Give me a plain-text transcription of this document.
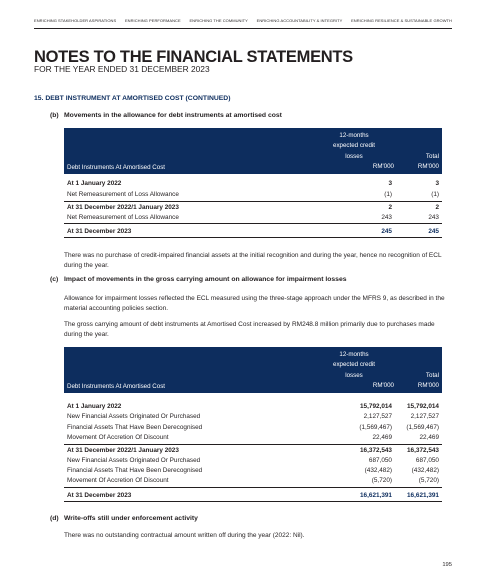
ENRICHING STAKEHOLDER ASPIRATIONS ENRICHING PERFORMANCE ENRICHING THE COMMUNITY ENRICHING ACCOUNTABILITY & INTEGRITY ENRICHING RESILIENCE & SUSTAINABLE GROWTH
NOTES TO THE FINANCIAL STATEMENTS
FOR THE YEAR ENDED 31 DECEMBER 2023
15. DEBT INSTRUMENT AT AMORTISED COST (CONTINUED)
(b) Movements in the allowance for debt instruments at amortised cost
12-months
expected credit
losses
RM'000
Total
RM'000
Debt Instruments At Amortised Cost
At 1 January 2022	3	3
Net Remeasurement of Loss Allowance	(1)	(1)
At 31 December 2022/1 January 2023	2	2
Net Remeasurement of Loss Allowance	243	243
At 31 December 2023	245	245
There was no purchase of credit-impaired financial assets at the initial recognition and during the year, hence no recognition of ECL during the year.
(c) Impact of movements in the gross carrying amount on allowance for impairment losses
Allowance for impairment losses reflected the ECL measured using the three-stage approach under the MFRS 9, as described in the material accounting policies section.
The gross carrying amount of debt instruments at Amortised Cost increased by RM248.8 million primarily due to purchases made during the year.
12-months
expected credit
losses
RM'000
Total
RM'000
Debt Instruments At Amortised Cost
At 1 January 2022	15,792,014 15,792,014
New Financial Assets Originated Or Purchased	2,127,527	2,127,527
Financial Assets That Have Been Derecognised	(1,569,467) (1,569,467)
Movement Of Accretion Of Discount	22,469	22,469
At 31 December 2022/1 January 2023	16,372,543 16,372,543
New Financial Assets Originated Or Purchased	687,050	687,050
Financial Assets That Have Been Derecognised	(432,482)	(432,482)
Movement Of Accretion Of Discount	(5,720)	(5,720)
At 31 December 2023	16,621,391 16,621,391
(d) Write-offs still under enforcement activity
There was no outstanding contractual amount written off during the year (2022: Nil).
195
